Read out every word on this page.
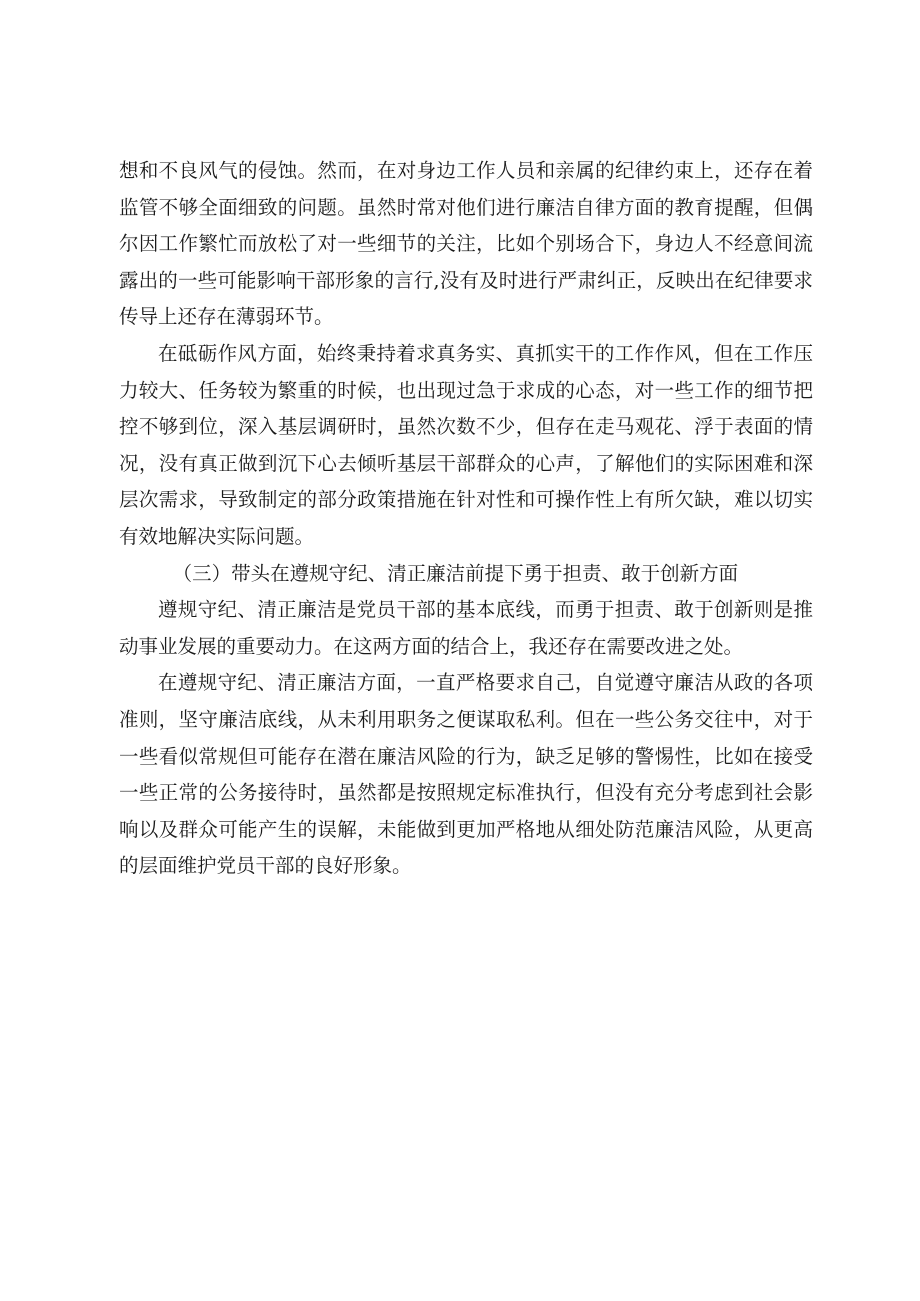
想和不良风气的侵蚀。然而，在对身边工作人员和亲属的纪律约束上，还存在着监管不够全面细致的问题。虽然时常对他们进行廉洁自律方面的教育提醒，但偶尔因工作繁忙而放松了对一些细节的关注，比如个别场合下，身边人不经意间流露出的一些可能影响干部形象的言行,没有及时进行严肃纠正，反映出在纪律要求传导上还存在薄弱环节。

在砥砺作风方面，始终秉持着求真务实、真抓实干的工作作风，但在工作压力较大、任务较为繁重的时候，也出现过急于求成的心态，对一些工作的细节把控不够到位，深入基层调研时，虽然次数不少，但存在走马观花、浮于表面的情况，没有真正做到沉下心去倾听基层干部群众的心声，了解他们的实际困难和深层次需求，导致制定的部分政策措施在针对性和可操作性上有所欠缺，难以切实有效地解决实际问题。

（三）带头在遵规守纪、清正廉洁前提下勇于担责、敢于创新方面

遵规守纪、清正廉洁是党员干部的基本底线，而勇于担责、敢于创新则是推动事业发展的重要动力。在这两方面的结合上，我还存在需要改进之处。

在遵规守纪、清正廉洁方面，一直严格要求自己，自觉遵守廉洁从政的各项准则，坚守廉洁底线，从未利用职务之便谋取私利。但在一些公务交往中，对于一些看似常规但可能存在潜在廉洁风险的行为，缺乏足够的警惕性，比如在接受一些正常的公务接待时，虽然都是按照规定标准执行，但没有充分考虑到社会影响以及群众可能产生的误解，未能做到更加严格地从细处防范廉洁风险，从更高的层面维护党员干部的良好形象。
